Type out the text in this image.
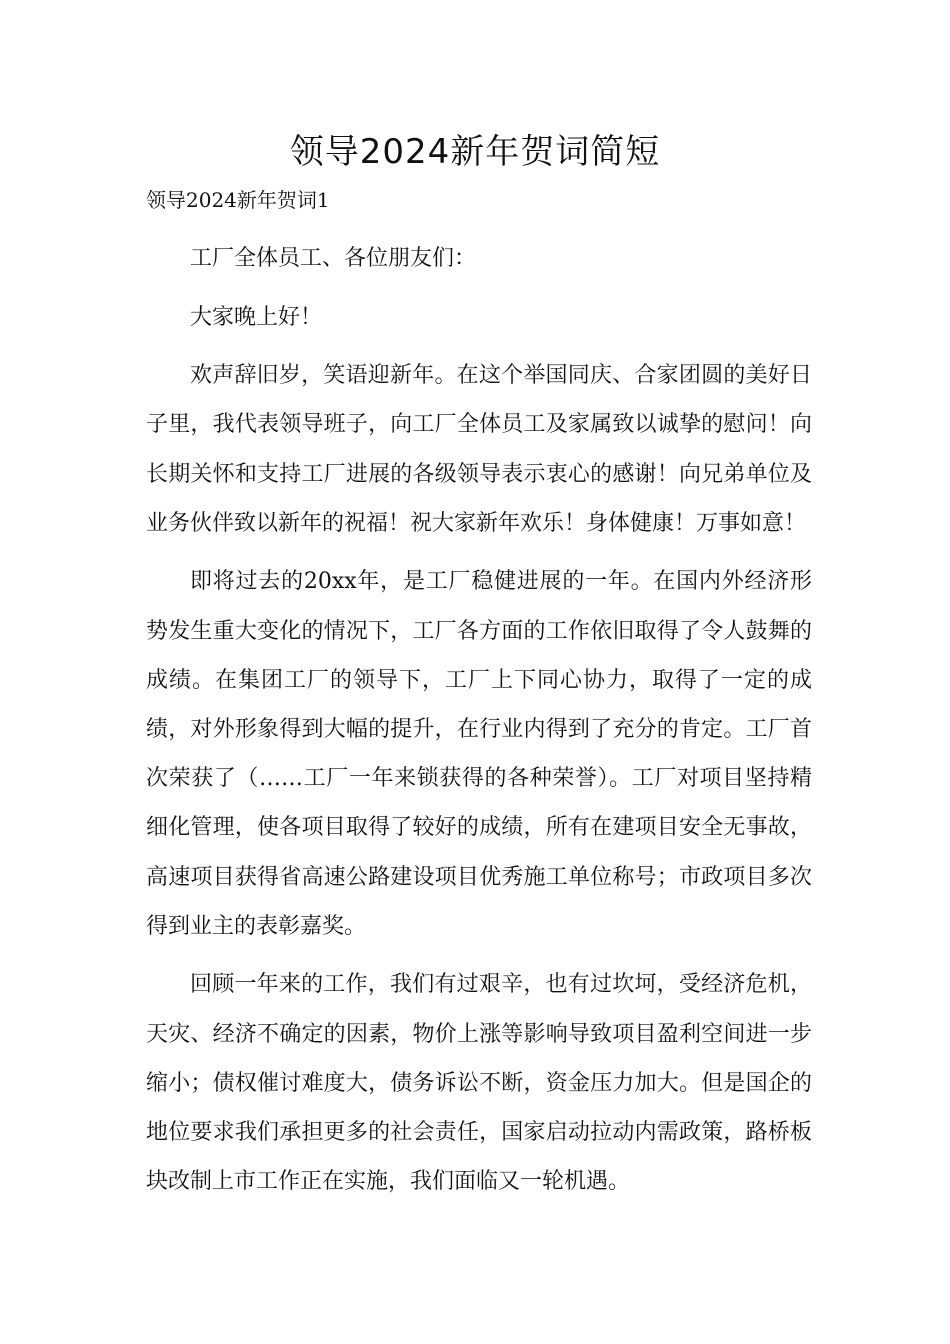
领导2024新年贺词简短
领导2024新年贺词1

工厂全体员工、各位朋友们：

大家晚上好！

欢声辞旧岁，笑语迎新年。在这个举国同庆、合家团圆的美好日子里，我代表领导班子，向工厂全体员工及家属致以诚挚的慰问！向长期关怀和支持工厂进展的各级领导表示衷心的感谢！向兄弟单位及业务伙伴致以新年的祝福！祝大家新年欢乐！身体健康！万事如意！

即将过去的20xx年，是工厂稳健进展的一年。在国内外经济形势发生重大变化的情况下，工厂各方面的工作依旧取得了令人鼓舞的成绩。在集团工厂的领导下，工厂上下同心协力，取得了一定的成绩，对外形象得到大幅的提升，在行业内得到了充分的肯定。工厂首次荣获了（……工厂一年来锁获得的各种荣誉）。工厂对项目坚持精细化管理，使各项目取得了较好的成绩，所有在建项目安全无事故，高速项目获得省高速公路建设项目优秀施工单位称号；市政项目多次得到业主的表彰嘉奖。

回顾一年来的工作，我们有过艰辛，也有过坎坷，受经济危机，天灾、经济不确定的因素，物价上涨等影响导致项目盈利空间进一步缩小；债权催讨难度大，债务诉讼不断，资金压力加大。但是国企的地位要求我们承担更多的社会责任，国家启动拉动内需政策，路桥板块改制上市工作正在实施，我们面临又一轮机遇。
